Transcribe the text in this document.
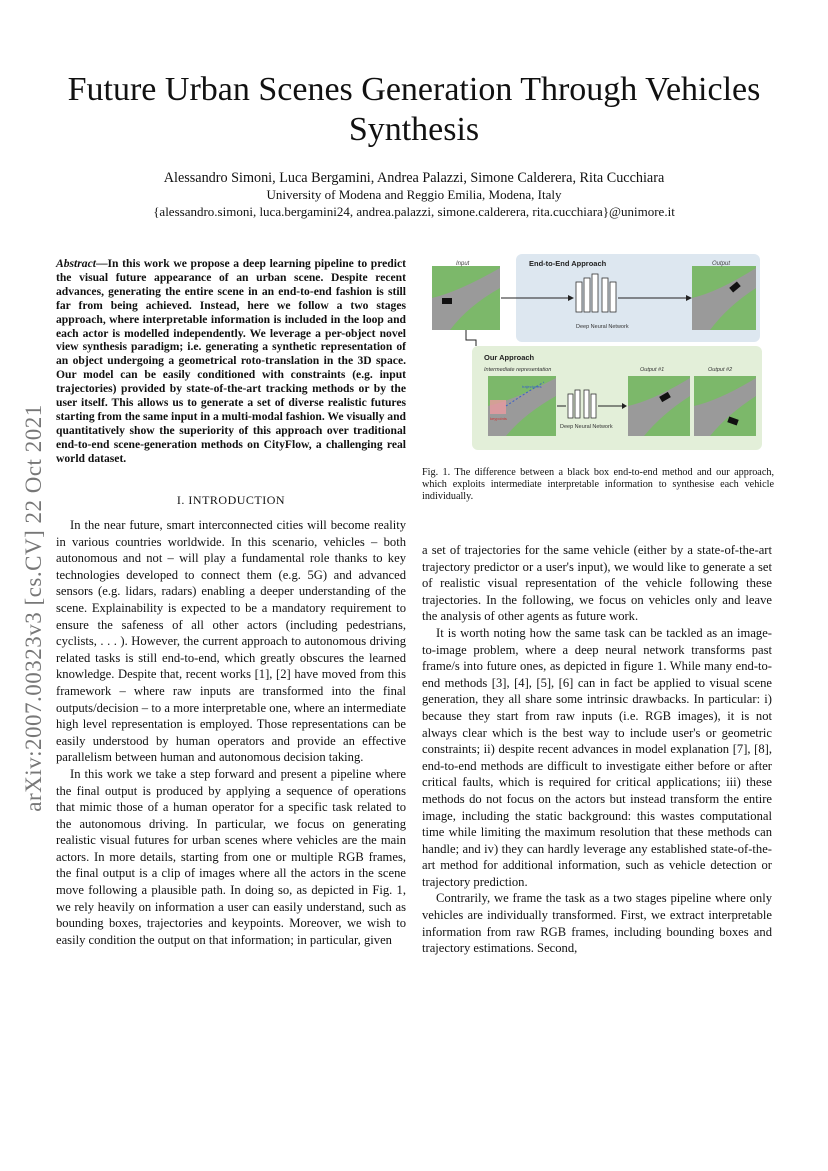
arXiv:2007.00323v3 [cs.CV] 22 Oct 2021
Future Urban Scenes Generation Through Vehicles Synthesis
Alessandro Simoni, Luca Bergamini, Andrea Palazzi, Simone Calderera, Rita Cucchiara
University of Modena and Reggio Emilia, Modena, Italy
{alessandro.simoni, luca.bergamini24, andrea.palazzi, simone.calderera, rita.cucchiara}@unimore.it
Abstract—In this work we propose a deep learning pipeline to predict the visual future appearance of an urban scene. Despite recent advances, generating the entire scene in an end-to-end fashion is still far from being achieved. Instead, here we follow a two stages approach, where interpretable information is included in the loop and each actor is modelled independently. We leverage a per-object novel view synthesis paradigm; i.e. generating a synthetic representation of an object undergoing a geometrical roto-translation in the 3D space. Our model can be easily conditioned with constraints (e.g. input trajectories) provided by state-of-the-art tracking methods or by the user itself. This allows us to generate a set of diverse realistic futures starting from the same input in a multi-modal fashion. We visually and quantitatively show the superiority of this approach over traditional end-to-end scene-generation methods on CityFlow, a challenging real world dataset.
I. INTRODUCTION

In the near future, smart interconnected cities will become reality in various countries worldwide. In this scenario, vehicles – both autonomous and not – will play a fundamental role thanks to key technologies developed to connect them (e.g. 5G) and advanced sensors (e.g. lidars, radars) enabling a deeper understanding of the scene. Explainability is expected to be a mandatory requirement to ensure the safeness of all other actors (including pedestrians, cyclists, . . . ). However, the current approach to autonomous driving related tasks is still end-to-end, which greatly obscures the learned knowledge. Despite that, recent works [1], [2] have moved from this framework – where raw inputs are transformed into the final outputs/decision – to a more interpretable one, where an intermediate high level representation is employed. Those representations can be easily understood by human operators and provide an effective parallelism between human and autonomous decision taking.

In this work we take a step forward and present a pipeline where the final output is produced by applying a sequence of operations that mimic those of a human operator for a specific task related to the autonomous driving. In particular, we focus on generating realistic visual futures for urban scenes where vehicles are the main actors. In more details, starting from one or multiple RGB frames, the final output is a clip of images where all the actors in the scene move following a plausible path. In doing so, as depicted in Fig. 1, we rely heavily on information a user can easily understand, such as bounding boxes, trajectories and keypoints. Moreover, we wish to easily condition the output on that information; in particular, given

Input	End-to-End Approach
Deep Neural Network
Output
Our Approach
Intermediate representation
trajectories
keypoints
Deep Neural Network
Output #1	Output #2
Fig. 1. The difference between a black box end-to-end method and our approach, which exploits intermediate interpretable information to synthesise each vehicle individually.

a set of trajectories for the same vehicle (either by a state-of-the-art trajectory predictor or a user's input), we would like to generate a set of realistic visual representation of the vehicle following these trajectories. In the following, we focus on vehicles only and leave the analysis of other agents as future work.

It is worth noting how the same task can be tackled as an image-to-image problem, where a deep neural network transforms past frame/s into future ones, as depicted in figure 1. While many end-to-end methods [3], [4], [5], [6] can in fact be applied to visual scene generation, they all share some intrinsic drawbacks. In particular: i) because they start from raw inputs (i.e. RGB images), it is not always clear which is the best way to include user's or geometric constraints; ii) despite recent advances in model explanation [7], [8], end-to-end methods are difficult to investigate either before or after critical faults, which is required for critical applications; iii) these methods do not focus on the actors but instead transform the entire image, including the static background: this wastes computational time while limiting the maximum resolution that these methods can handle; and iv) they can hardly leverage any established state-of-the-art method for additional information, such as vehicle detection or trajectory prediction.

Contrarily, we frame the task as a two stages pipeline where only vehicles are individually transformed. First, we extract interpretable information from raw RGB frames, including bounding boxes and trajectory estimations. Second,
